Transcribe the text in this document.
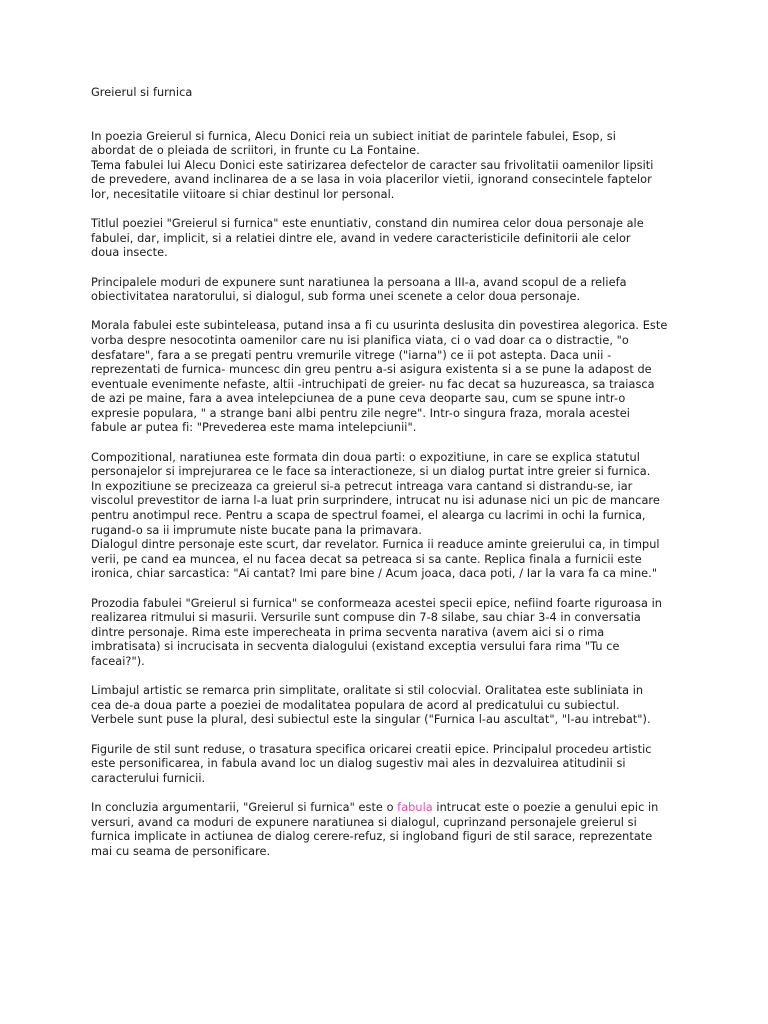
Greierul si furnica

In poezia Greierul si furnica, Alecu Donici reia un subiect initiat de parintele fabulei, Esop, si
abordat de o pleiada de scriitori, in frunte cu La Fontaine.
Tema fabulei lui Alecu Donici este satirizarea defectelor de caracter sau frivolitatii oamenilor lipsiti
de prevedere, avand inclinarea de a se lasa in voia placerilor vietii, ignorand consecintele faptelor
lor, necesitatile viitoare si chiar destinul lor personal.

Titlul poeziei "Greierul si furnica" este enuntiativ, constand din numirea celor doua personaje ale
fabulei, dar, implicit, si a relatiei dintre ele, avand in vedere caracteristicile definitorii ale celor
doua insecte.

Principalele moduri de expunere sunt naratiunea la persoana a III-a, avand scopul de a reliefa
obiectivitatea naratorului, si dialogul, sub forma unei scenete a celor doua personaje.

Morala fabulei este subinteleasa, putand insa a fi cu usurinta deslusita din povestirea alegorica. Este
vorba despre nesocotinta oamenilor care nu isi planifica viata, ci o vad doar ca o distractie, "o
desfatare", fara a se pregati pentru vremurile vitrege ("iarna") ce ii pot astepta. Daca unii -
reprezentati de furnica- muncesc din greu pentru a-si asigura existenta si a se pune la adapost de
eventuale evenimente nefaste, altii -intruchipati de greier- nu fac decat sa huzureasca, sa traiasca
de azi pe maine, fara a avea intelepciunea de a pune ceva deoparte sau, cum se spune intr-o
expresie populara, " a strange bani albi pentru zile negre". Intr-o singura fraza, morala acestei
fabule ar putea fi: "Prevederea este mama intelepciunii".

Compozitional, naratiunea este formata din doua parti: o expozitiune, in care se explica statutul
personajelor si imprejurarea ce le face sa interactioneze, si un dialog purtat intre greier si furnica.
In expozitiune se precizeaza ca greierul si-a petrecut intreaga vara cantand si distrandu-se, iar
viscolul prevestitor de iarna l-a luat prin surprindere, intrucat nu isi adunase nici un pic de mancare
pentru anotimpul rece. Pentru a scapa de spectrul foamei, el alearga cu lacrimi in ochi la furnica,
rugand-o sa ii imprumute niste bucate pana la primavara.
Dialogul dintre personaje este scurt, dar revelator. Furnica ii readuce aminte greierului ca, in timpul
verii, pe cand ea muncea, el nu facea decat sa petreaca si sa cante. Replica finala a furnicii este
ironica, chiar sarcastica: "Ai cantat? Imi pare bine / Acum joaca, daca poti, / Iar la vara fa ca mine."

Prozodia fabulei "Greierul si furnica" se conformeaza acestei specii epice, nefiind foarte riguroasa in
realizarea ritmului si masurii. Versurile sunt compuse din 7-8 silabe, sau chiar 3-4 in conversatia
dintre personaje. Rima este imperecheata in prima secventa narativa (avem aici si o rima
imbratisata) si incrucisata in secventa dialogului (existand exceptia versului fara rima "Tu ce
faceai?").

Limbajul artistic se remarca prin simplitate, oralitate si stil colocvial. Oralitatea este subliniata in
cea de-a doua parte a poeziei de modalitatea populara de acord al predicatului cu subiectul.
Verbele sunt puse la plural, desi subiectul este la singular ("Furnica l-au ascultat", "l-au intrebat").

Figurile de stil sunt reduse, o trasatura specifica oricarei creatii epice. Principalul procedeu artistic
este personificarea, in fabula avand loc un dialog sugestiv mai ales in dezvaluirea atitudinii si
caracterului furnicii.

In concluzia argumentarii, "Greierul si furnica" este o fabula intrucat este o poezie a genului epic in
versuri, avand ca moduri de expunere naratiunea si dialogul, cuprinzand personajele greierul si
furnica implicate in actiunea de dialog cerere-refuz, si ingloband figuri de stil sarace, reprezentate
mai cu seama de personificare.
